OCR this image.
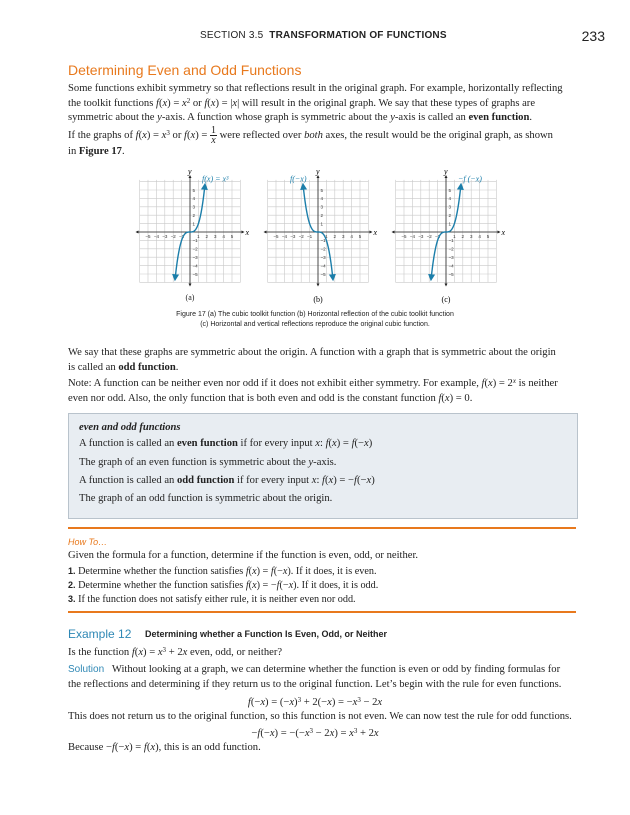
SECTION 3.5 TRANSFORMATION OF FUNCTIONS	233
Determining Even and Odd Functions
Some functions exhibit symmetry so that reflections result in the original graph. For example, horizontally reflecting
the toolkit functions $f(x) = x^2$ or f(x) = |x| will result in the original graph. We say that these types of graphs are
symmetric about the y-axis. A function whose graph is symmetric about the y-axis is called an even function.
If the graphs of $f(x) = x^3$ or $f(x) = \frac{1}{x}$ were reflected over both axes, the result would be the original graph, as shown
in Figure 17.
x
y
−5
−5
−4
−4
−3
−3
−2
−2
−1
−1
1
1
2
2
3
3
4
4
5
5
f(x) = x³
x
y
−5
−5
−4
−4
−3
−3
−2
−2
−1
−1
1
1
2
2
3
3
4
4
5
5
f(−x)
(b)
x
y
−5
−5
−4
−4
−3
−3
−2
−2
−1
−1
1
1
2
2
3
3
4
4
5
5
−f (−x)
(c)
(a)
Figure 17 (a) The cubic toolkit function (b) Horizontal reflection of the cubic toolkit function
(c) Horizontal and vertical reflections reproduce the original cubic function.
We say that these graphs are symmetric about the origin. A function with a graph that is symmetric about the origin
is called an odd function.
Note: A function can be neither even nor odd if it does not exhibit either symmetry. For example, $f(x) = 2^x$ is neither
even nor odd. Also, the only function that is both even and odd is the constant function f(x) = 0.
even and odd functions
A function is called an even function if for every input x: f(x) = f(−x)
The graph of an even function is symmetric about the y-axis.
A function is called an odd function if for every input x: f(x) = −f(−x)
The graph of an odd function is symmetric about the origin.
How To…
Given the formula for a function, determine if the function is even, odd, or neither.
1. Determine whether the function satisfies f(x) = f(−x). If it does, it is even.
2. Determine whether the function satisfies f(x) = −f(−x). If it does, it is odd.
3. If the function does not satisfy either rule, it is neither even nor odd.
Example 12 Determining whether a Function Is Even, Odd, or Neither
Is the function $f(x) = x^3 + 2x$ even, odd, or neither?
Solution Without looking at a graph, we can determine whether the function is even or odd by finding formulas for
the reflections and determining if they return us to the original function. Let’s begin with the rule for even functions.
$f(-x) = (-x)^3 + 2(-x) = -x^3 - 2x$
This does not return us to the original function, so this function is not even. We can now test the rule for odd functions.
$-f(-x) = -(-x^3 - 2x) = x^3 + 2x$
Because −f(−x) = f(x), this is an odd function.
